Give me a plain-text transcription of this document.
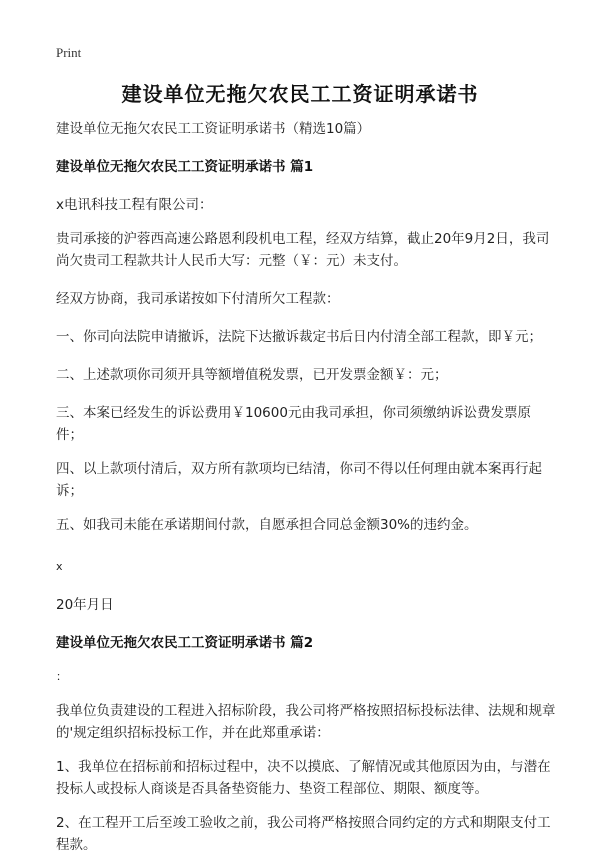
Print
建设单位无拖欠农民工工资证明承诺书

建设单位无拖欠农民工工资证明承诺书（精选10篇）

建设单位无拖欠农民工工资证明承诺书 篇1

x电讯科技工程有限公司：

贵司承接的沪蓉西高速公路恩利段机电工程，经双方结算，截止20年9月2日，我司尚欠贵司工程款共计人民币大写：元整（￥：元）未支付。

经双方协商，我司承诺按如下付清所欠工程款：

一、你司向法院申请撤诉，法院下达撤诉裁定书后日内付清全部工程款，即￥元；

二、上述款项你司须开具等额增值税发票，已开发票金额￥：元；

三、本案已经发生的诉讼费用￥10600元由我司承担，你司须缴纳诉讼费发票原件；

四、以上款项付清后，双方所有款项均已结清，你司不得以任何理由就本案再行起诉；

五、如我司未能在承诺期间付款，自愿承担合同总金额30%的违约金。

x

20年月日

建设单位无拖欠农民工工资证明承诺书 篇2

：

我单位负责建设的工程进入招标阶段，我公司将严格按照招标投标法律、法规和规章的'规定组织招标投标工作，并在此郑重承诺：

1、我单位在招标前和招标过程中，决不以摸底、了解情况或其他原因为由，与潜在投标人或投标人商谈是否具备垫资能力、垫资工程部位、期限、额度等。

2、在工程开工后至竣工验收之前，我公司将严格按照合同约定的方式和期限支付工程款。
